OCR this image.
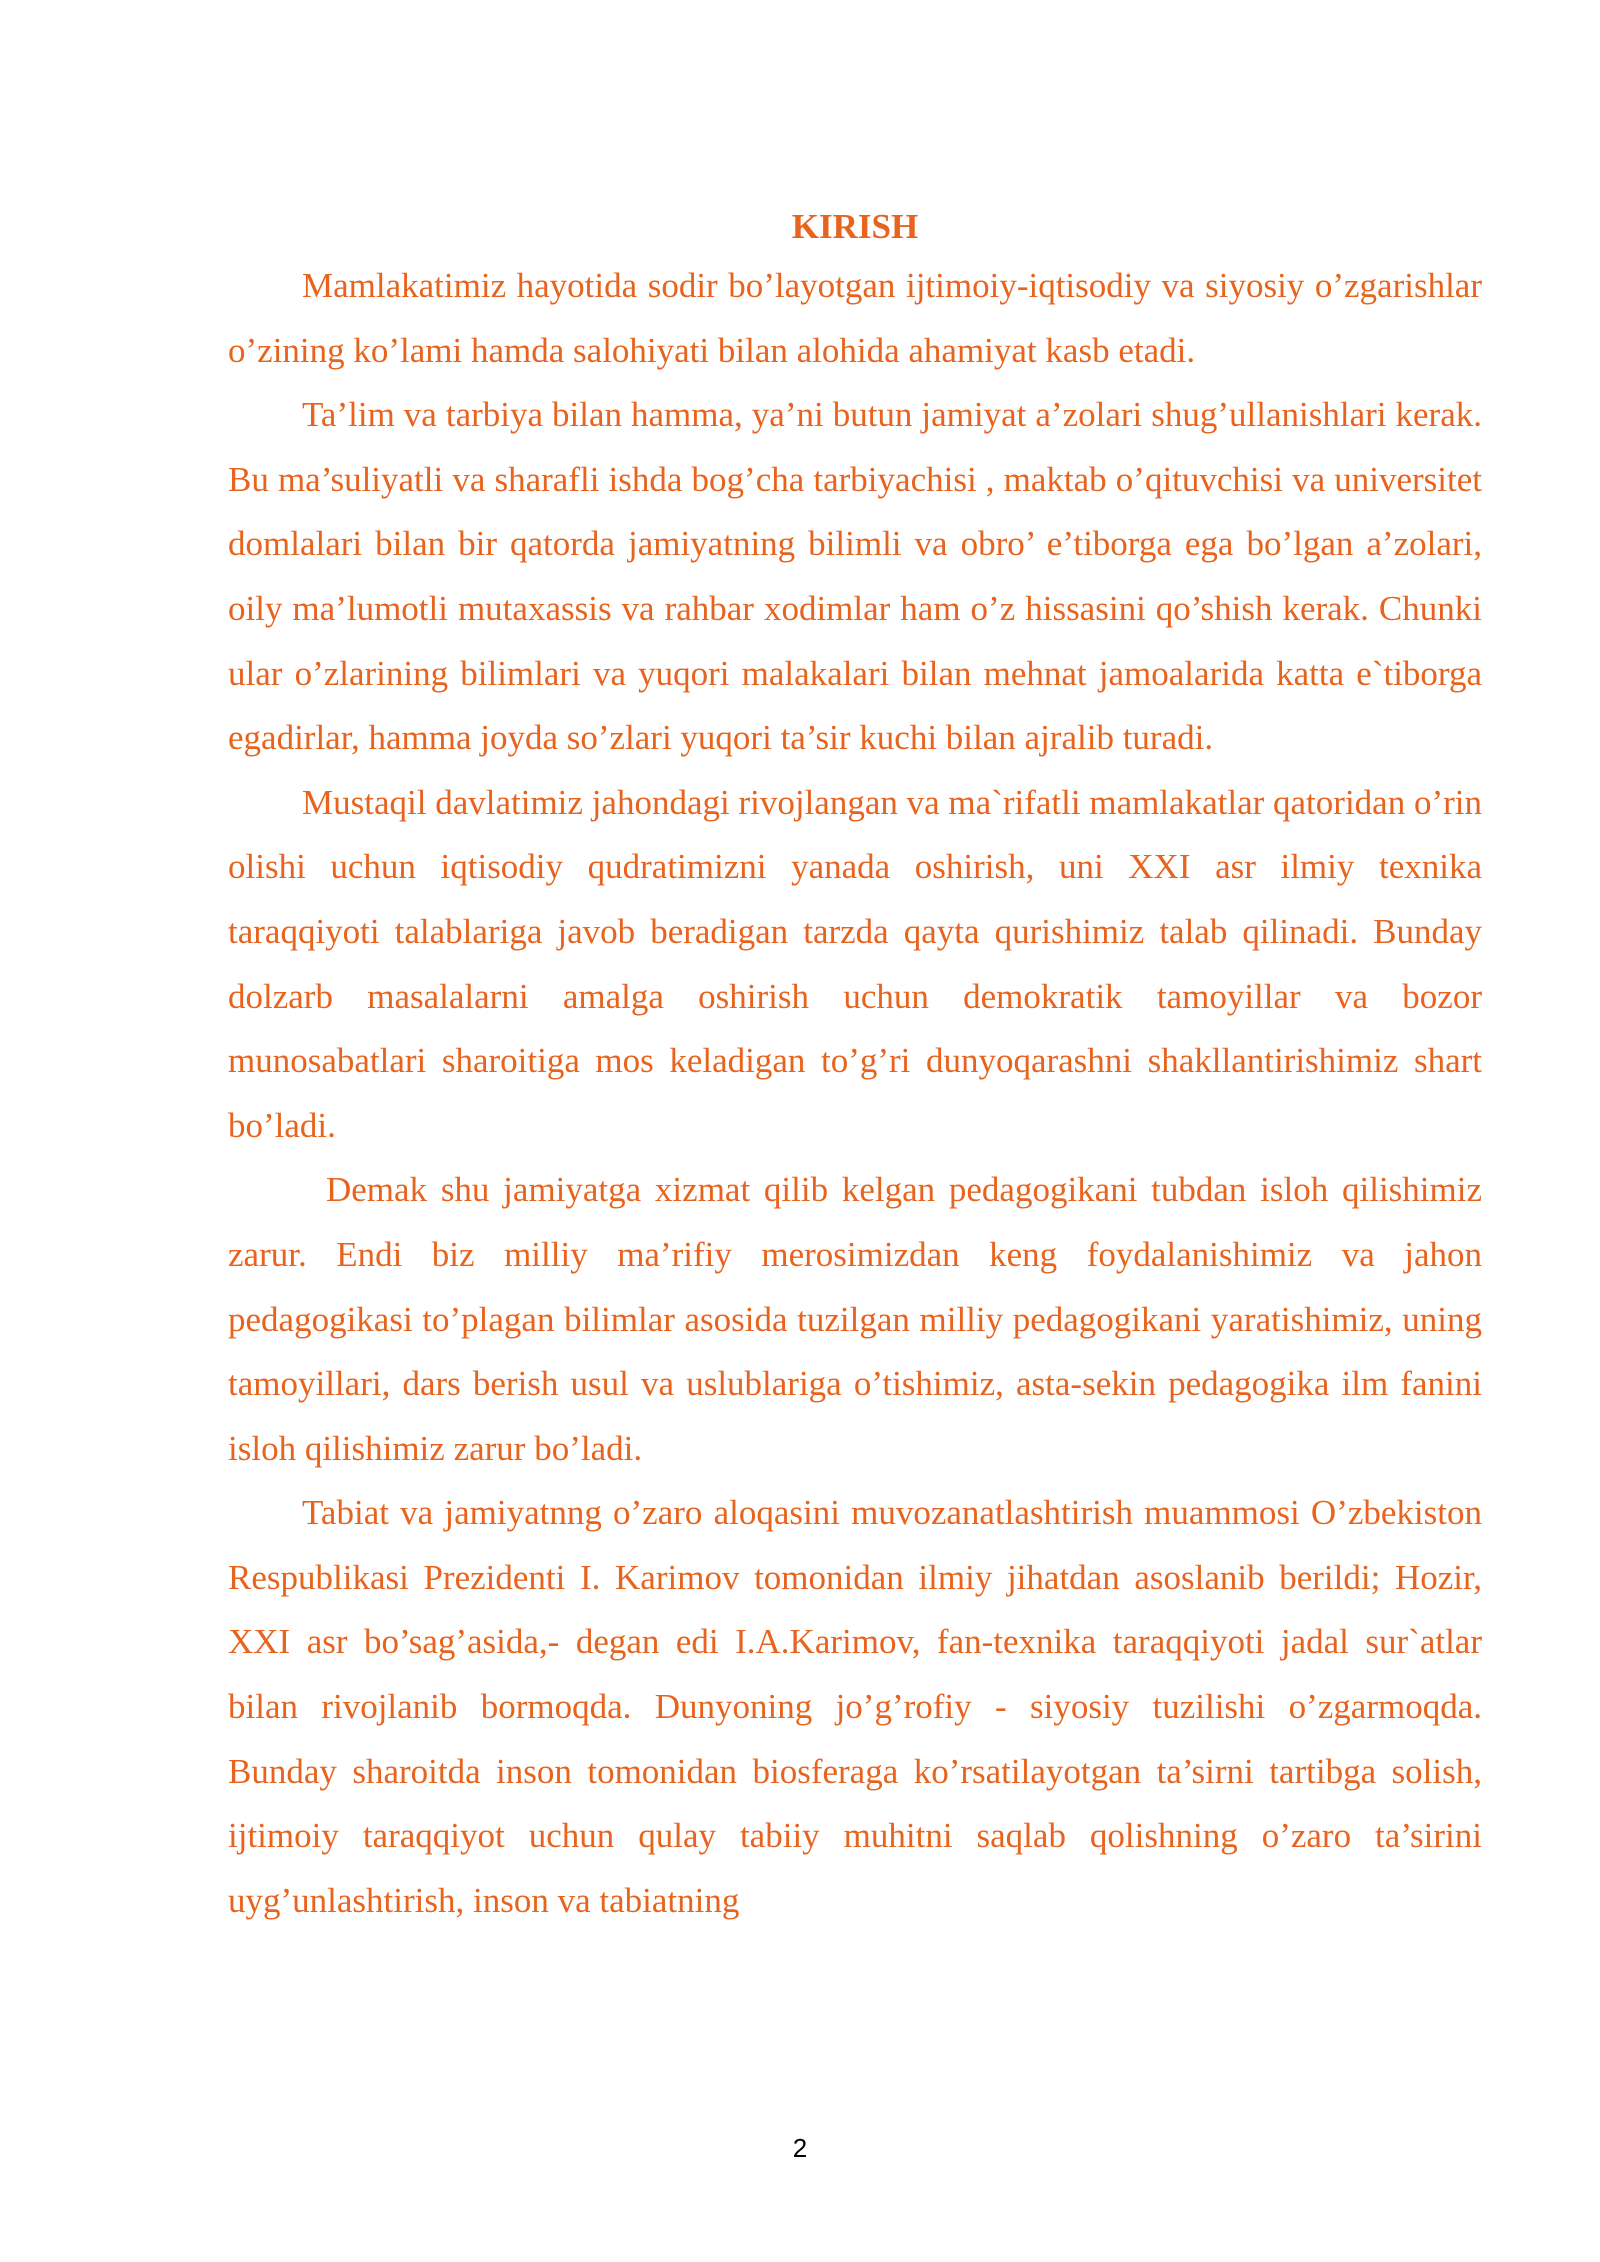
KIRISH

Mamlakatimiz hayotida sodir bo’layotgan ijtimoiy-iqtisodiy va siyosiy o’zgarishlar o’zining ko’lami hamda salohiyati bilan alohida ahamiyat kasb etadi.

Ta’lim va tarbiya bilan hamma, ya’ni butun jamiyat a’zolari shug’ullanishlari kerak. Bu ma’suliyatli va sharafli ishda bog’cha tarbiyachisi , maktab o’qituvchisi va universitet domlalari bilan bir qatorda jamiyatning bilimli va obro’ e’tiborga ega bo’lgan a’zolari, oily ma’lumotli mutaxassis va rahbar xodimlar ham o’z hissasini qo’shish kerak. Chunki ular o’zlarining bilimlari va yuqori malakalari bilan mehnat jamoalarida katta e`tiborga egadirlar, hamma joyda so’zlari yuqori ta’sir kuchi bilan ajralib turadi.

Mustaqil davlatimiz jahondagi rivojlangan va ma`rifatli mamlakatlar qatoridan o’rin olishi uchun iqtisodiy qudratimizni yanada oshirish, uni XXI asr ilmiy texnika taraqqiyoti talablariga javob beradigan tarzda qayta qurishimiz talab qilinadi. Bunday dolzarb masalalarni amalga oshirish uchun demokratik tamoyillar va bozor munosabatlari sharoitiga mos keladigan to’g’ri dunyoqarashni shakllantirishimiz shart bo’ladi.

Demak shu jamiyatga xizmat qilib kelgan pedagogikani tubdan isloh qilishimiz zarur. Endi biz milliy ma’rifiy merosimizdan keng foydalanishimiz va jahon pedagogikasi to’plagan bilimlar asosida tuzilgan milliy pedagogikani yaratishimiz, uning tamoyillari, dars berish usul va uslublariga o’tishimiz, asta-sekin pedagogika ilm fanini isloh qilishimiz zarur bo’ladi.

Tabiat va jamiyatnng o’zaro aloqasini muvozanatlashtirish muammosi O’zbekiston Respublikasi Prezidenti I. Karimov tomonidan ilmiy jihatdan asoslanib berildi; Hozir, XXI asr bo’sag’asida,- degan edi I.A.Karimov, fan-texnika taraqqiyoti jadal sur`atlar bilan rivojlanib bormoqda. Dunyoning jo’g’rofiy - siyosiy tuzilishi o’zgarmoqda. Bunday sharoitda inson tomonidan biosferaga ko’rsatilayotgan ta’sirni tartibga solish, ijtimoiy taraqqiyot uchun qulay tabiiy muhitni saqlab qolishning o’zaro ta’sirini uyg’unlashtirish, inson va tabiatning

2
